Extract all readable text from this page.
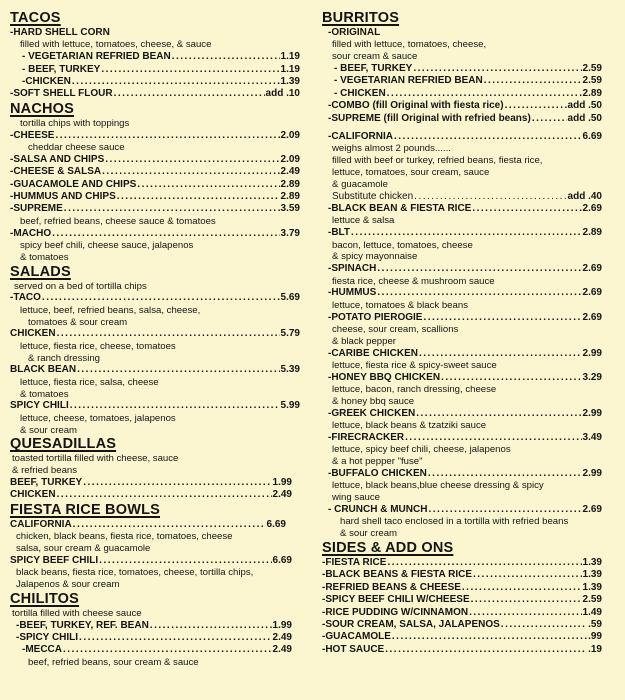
TACOS
-HARD SHELL CORN
filled with lettuce, tomatoes, cheese, & sauce
- VEGETARIAN REFRIED BEAN .....	1.19
- BEEF, TURKEY .....	1.19
-CHICKEN .....	1.39
-SOFT SHELL FLOUR .....	add .10
NACHOS
tortilla chips with toppings
-CHEESE .....	2.09
cheddar cheese sauce
-SALSA AND CHIPS .....	2.09
-CHEESE & SALSA .....	2.49
-GUACAMOLE AND CHIPS .....	2.89
-HUMMUS AND CHIPS .....	2.89
-SUPREME .....	3.59
beef, refried beans, cheese sauce & tomatoes
-MACHO .....	3.79
spicy beef chili, cheese sauce, jalapenos
& tomatoes
SALADS
served on a bed of tortilla chips
-TACO .....	5.69
lettuce, beef, refried beans, salsa, cheese,
tomatoes & sour cream
CHICKEN .....	5.79
lettuce, fiesta rice, cheese, tomatoes
& ranch dressing
BLACK BEAN .....	5.39
lettuce, fiesta rice, salsa, cheese
& tomatoes
SPICY CHILI .....	5.99
lettuce, cheese, tomatoes, jalapenos
& sour cream
QUESADILLAS
toasted tortilla filled with cheese, sauce
& refried beans
BEEF, TURKEY .....	1.99
CHICKEN .....	2.49
FIESTA RICE BOWLS
CALIFORNIA .....	6.69
chicken, black beans, fiesta rice, tomatoes, cheese
salsa, sour cream & guacamole
SPICY BEEF CHILI .....	6.69
black beans, fiesta rice, tomatoes, cheese, tortilla chips,
Jalapenos & sour cream
CHILITOS
tortilla filled with cheese sauce
-BEEF, TURKEY, REF. BEAN .....	1.99
-SPICY CHILI .....	2.49
-MECCA .....	2.49
beef, refried beans, sour cream & sauce
BURRITOS
-ORIGINAL
filled with lettuce, tomatoes, cheese,
sour cream & sauce
- BEEF, TURKEY .....	2.59
- VEGETARIAN REFRIED BEAN .....	2.59
- CHICKEN .....	2.89
-COMBO (fill Original with fiesta rice) .....	add .50
-SUPREME (fill Original with refried beans) .....	add .50
-CALIFORNIA .....	6.69
weighs almost 2 pounds......
filled with beef or turkey, refried beans, fiesta rice,
lettuce, tomatoes, sour cream, sauce
& guacamole
Substitute chicken .....	add .40
-BLACK BEAN & FIESTA RICE .....	2.69
lettuce & salsa
-BLT .....	2.89
bacon, lettuce, tomatoes, cheese
& spicy mayonnaise
-SPINACH .....	2.69
fiesta rice, cheese & mushroom sauce
-HUMMUS .....	2.69
lettuce, tomatoes & black beans
-POTATO PIEROGIE .....	2.69
cheese, sour cream, scallions
& black pepper
-CARIBE CHICKEN .....	2.99
lettuce, fiesta rice & spicy-sweet sauce
-HONEY BBQ CHICKEN .....	3.29
lettuce, bacon, ranch dressing, cheese
& honey bbq sauce
-GREEK CHICKEN .....	2.99
lettuce, black beans & tzatziki sauce
-FIRECRACKER .....	3.49
lettuce, spicy beef chili, cheese, jalapenos
& a hot pepper "fuse"
-BUFFALO CHICKEN .....	2.99
lettuce, black beans,blue cheese dressing & spicy
wing sauce
- CRUNCH & MUNCH .....	2.69
hard shell taco enclosed in a tortilla with refried beans
& sour cream
SIDES & ADD ONS
-FIESTA RICE .....	1.39
-BLACK BEANS & FIESTA RICE .....	1.39
-REFRIED BEANS & CHEESE .....	1.39
-SPICY BEEF CHILI W/CHEESE .....	2.59
-RICE PUDDING W/CINNAMON .....	1.49
-SOUR CREAM, SALSA, JALAPENOS .....	.59
-GUACAMOLE .....	.99
-HOT SAUCE .....	.19
